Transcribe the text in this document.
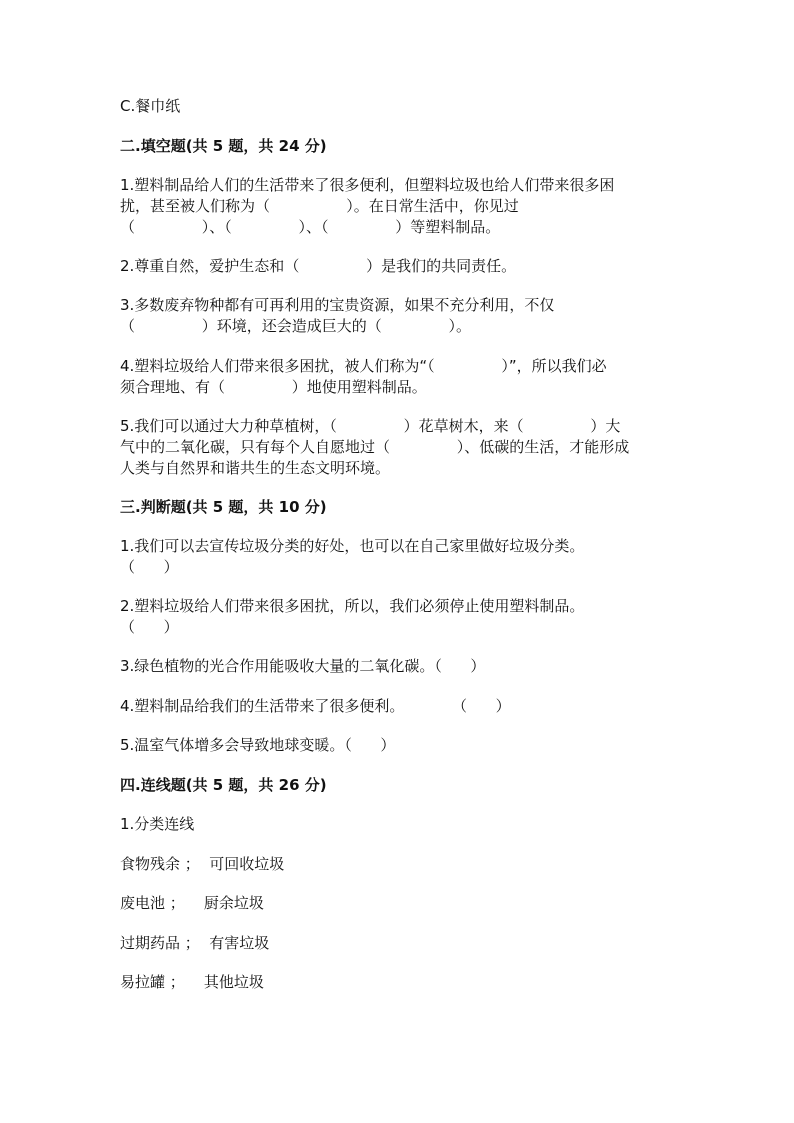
C.餐巾纸
二.填空题(共 5 题，共 24 分)
1.塑料制品给人们的生活带来了很多便利，但塑料垃圾也给人们带来很多困
扰，甚至被人们称为（                ）。在日常生活中，你见过
（              ）、（              ）、（              ）等塑料制品。
2.尊重自然，爱护生态和（              ）是我们的共同责任。
3.多数废弃物种都有可再利用的宝贵资源，如果不充分利用，不仅
（              ）环境，还会造成巨大的（              ）。
4.塑料垃圾给人们带来很多困扰，被人们称为“（              ）”，所以我们必
须合理地、有（              ）地使用塑料制品。
5.我们可以通过大力种草植树，（              ）花草树木，来（              ）大
气中的二氧化碳，只有每个人自愿地过（              ）、低碳的生活，才能形成
人类与自然界和谐共生的生态文明环境。
三.判断题(共 5 题，共 10 分)
1.我们可以去宣传垃圾分类的好处，也可以在自己家里做好垃圾分类。
（      ）
2.塑料垃圾给人们带来很多困扰，所以，我们必须停止使用塑料制品。
（      ）
3.绿色植物的光合作用能吸收大量的二氧化碳。（      ）
4.塑料制品给我们的生活带来了很多便利。          （      ）
5.温室气体增多会导致地球变暖。（      ）
四.连线题(共 5 题，共 26 分)
1.分类连线
食物残余 ；  可回收垃圾
废电池 ；    厨余垃圾
过期药品 ；  有害垃圾
易拉罐 ；    其他垃圾
